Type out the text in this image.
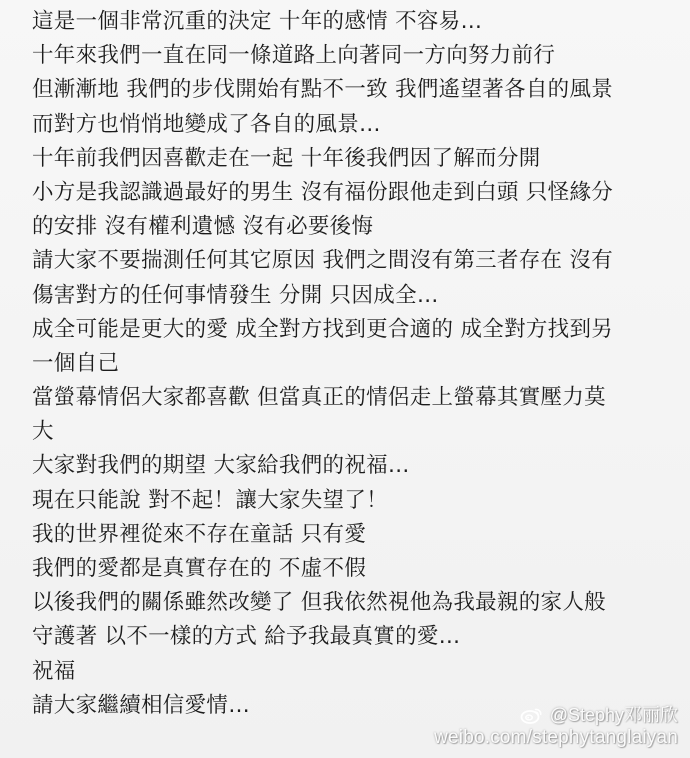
這是一個非常沉重的決定 十年的感情 不容易…
十年來我們一直在同一條道路上向著同一方向努力前行
但漸漸地 我們的步伐開始有點不一致 我們遙望著各自的風景
而對方也悄悄地變成了各自的風景…
十年前我們因喜歡走在一起 十年後我們因了解而分開
小方是我認識過最好的男生 沒有福份跟他走到白頭 只怪緣分
的安排 沒有權利遺憾 沒有必要後悔
請大家不要揣測任何其它原因 我們之間沒有第三者存在 沒有
傷害對方的任何事情發生 分開 只因成全…
成全可能是更大的愛 成全對方找到更合適的 成全對方找到另
一個自己
當螢幕情侶大家都喜歡 但當真正的情侶走上螢幕其實壓力莫
大
大家對我們的期望 大家給我們的祝福…
現在只能說 對不起！讓大家失望了！
我的世界裡從來不存在童話 只有愛
我們的愛都是真實存在的 不虛不假
以後我們的關係雖然改變了 但我依然視他為我最親的家人般
守護著 以不一樣的方式 給予我最真實的愛…
祝福
請大家繼續相信愛情…	@Stephy邓丽欣
weibo.com/stephytanglaiyan
